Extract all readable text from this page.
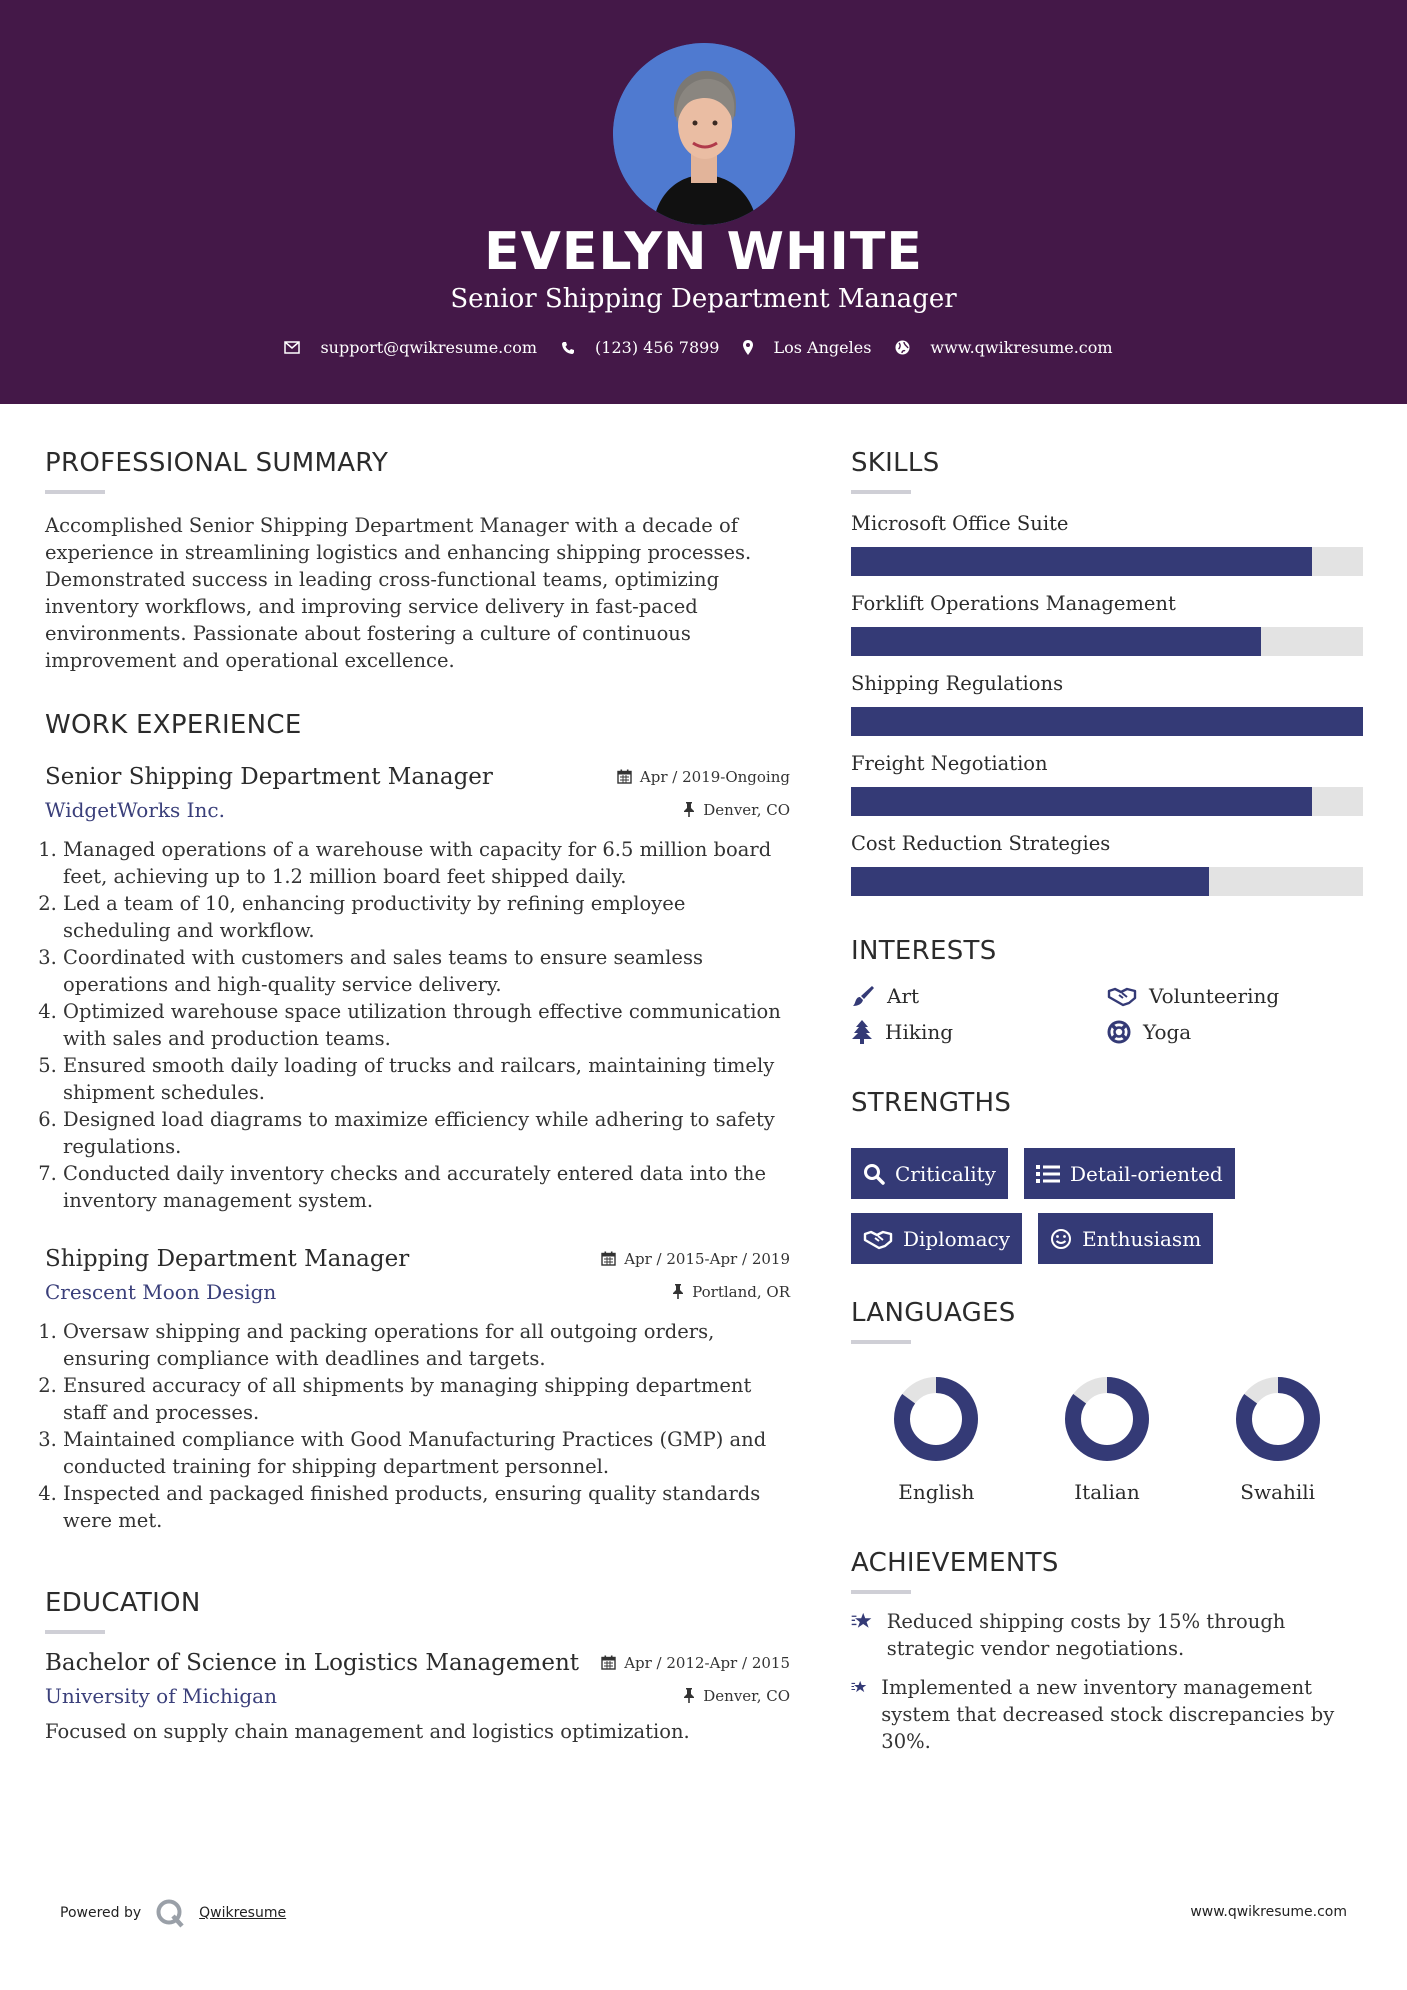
EVELYN WHITE
Senior Shipping Department Manager
support@qwikresume.com	(123) 456 7899	Los Angeles	www.qwikresume.com
PROFESSIONAL SUMMARY

Accomplished Senior Shipping Department Manager with a decade of experience in streamlining logistics and enhancing shipping processes. Demonstrated success in leading cross-functional teams, optimizing inventory workflows, and improving service delivery in fast-paced environments. Passionate about fostering a culture of continuous improvement and operational excellence.

WORK EXPERIENCE
Senior Shipping Department Manager	Apr / 2019-Ongoing
WidgetWorks Inc.	Denver, CO
1. Managed operations of a warehouse with capacity for 6.5 million board feet, achieving up to 1.2 million board feet shipped daily.
2. Led a team of 10, enhancing productivity by refining employee scheduling and workflow.
3. Coordinated with customers and sales teams to ensure seamless operations and high-quality service delivery.
4. Optimized warehouse space utilization through effective communication with sales and production teams.
5. Ensured smooth daily loading of trucks and railcars, maintaining timely shipment schedules.
6. Designed load diagrams to maximize efficiency while adhering to safety regulations.
7. Conducted daily inventory checks and accurately entered data into the inventory management system.
Shipping Department Manager	Apr / 2015-Apr / 2019
Crescent Moon Design	Portland, OR
1. Oversaw shipping and packing operations for all outgoing orders, ensuring compliance with deadlines and targets.
2. Ensured accuracy of all shipments by managing shipping department staff and processes.
3. Maintained compliance with Good Manufacturing Practices (GMP) and conducted training for shipping department personnel.
4. Inspected and packaged finished products, ensuring quality standards were met.
EDUCATION
Bachelor of Science in Logistics Management	Apr / 2012-Apr / 2015
University of Michigan	Denver, CO

Focused on supply chain management and logistics optimization.

SKILLS
Microsoft Office Suite
Forklift Operations Management
Shipping Regulations
Freight Negotiation
Cost Reduction Strategies
INTERESTS
Art	Volunteering
Hiking	Yoga
STRENGTHS
Criticality	Detail-oriented
Diplomacy	Enthusiasm
LANGUAGES
English	Italian	Swahili
ACHIEVEMENTS
Reduced shipping costs by 15% through strategic vendor negotiations.
Implemented a new inventory management system that decreased stock discrepancies by 30%.
Powered by	Qwikresume	www.qwikresume.com
